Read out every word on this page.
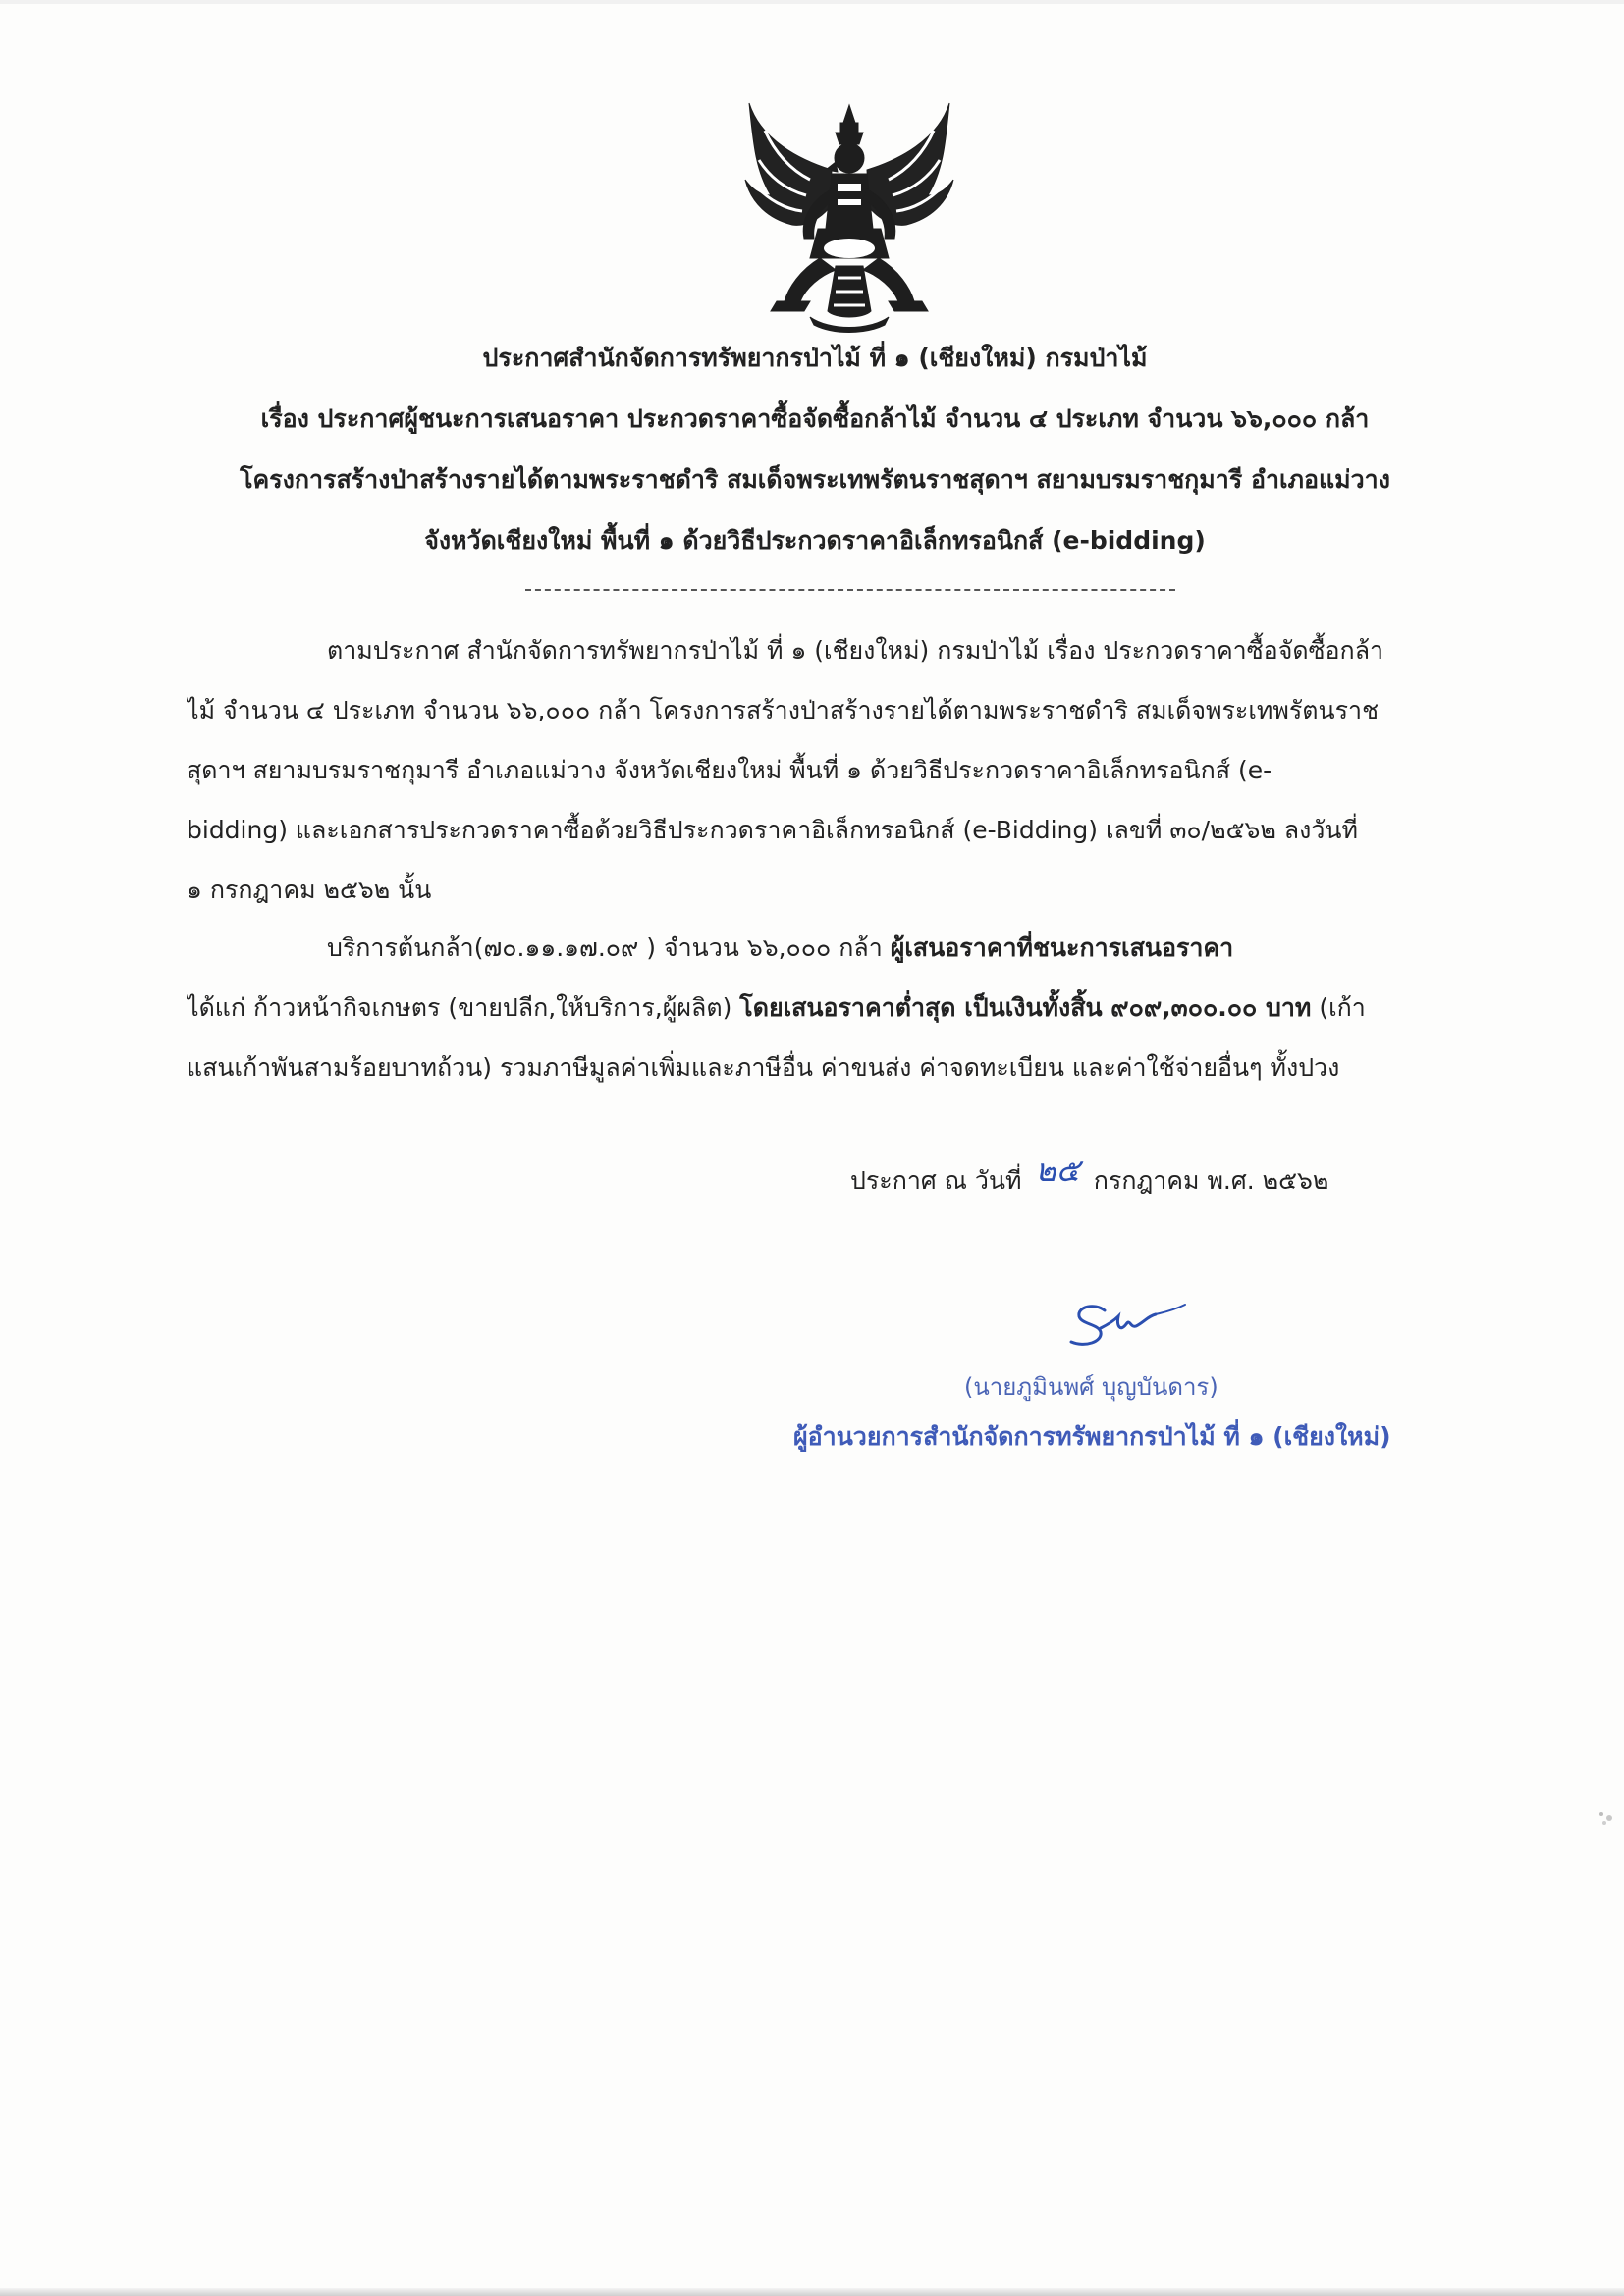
ประกาศสำนักจัดการทรัพยากรป่าไม้ ที่ ๑ (เชียงใหม่) กรมป่าไม้
เรื่อง ประกาศผู้ชนะการเสนอราคา ประกวดราคาซื้อจัดซื้อกล้าไม้ จำนวน ๔ ประเภท จำนวน ๖๖,๐๐๐ กล้า
โครงการสร้างป่าสร้างรายได้ตามพระราชดำริ สมเด็จพระเทพรัตนราชสุดาฯ สยามบรมราชกุมารี อำเภอแม่วาง
จังหวัดเชียงใหม่ พื้นที่ ๑ ด้วยวิธีประกวดราคาอิเล็กทรอนิกส์ (e-bidding)
ตามประกาศ สำนักจัดการทรัพยากรป่าไม้ ที่ ๑ (เชียงใหม่) กรมป่าไม้ เรื่อง ประกวดราคาซื้อจัดซื้อกล้า
ไม้ จำนวน ๔ ประเภท จำนวน ๖๖,๐๐๐ กล้า โครงการสร้างป่าสร้างรายได้ตามพระราชดำริ สมเด็จพระเทพรัตนราช
สุดาฯ สยามบรมราชกุมารี อำเภอแม่วาง จังหวัดเชียงใหม่ พื้นที่ ๑ ด้วยวิธีประกวดราคาอิเล็กทรอนิกส์ (e-
bidding) และเอกสารประกวดราคาซื้อด้วยวิธีประกวดราคาอิเล็กทรอนิกส์ (e-Bidding) เลขที่ ๓๐/๒๕๖๒ ลงวันที่
๑ กรกฎาคม ๒๕๖๒ นั้น
บริการต้นกล้า(๗๐.๑๑.๑๗.๐๙ ) จำนวน ๖๖,๐๐๐ กล้า ผู้เสนอราคาที่ชนะการเสนอราคา
ได้แก่ ก้าวหน้ากิจเกษตร (ขายปลีก,ให้บริการ,ผู้ผลิต) โดยเสนอราคาต่ำสุด เป็นเงินทั้งสิ้น ๙๐๙,๓๐๐.๐๐ บาท (เก้า
แสนเก้าพันสามร้อยบาทถ้วน) รวมภาษีมูลค่าเพิ่มและภาษีอื่น ค่าขนส่ง ค่าจดทะเบียน และค่าใช้จ่ายอื่นๆ ทั้งปวง
ประกาศ ณ วันที่ ๒๕ กรกฎาคม พ.ศ. ๒๕๖๒
(นายภูมินพศ์ บุญบันดาร)
ผู้อำนวยการสำนักจัดการทรัพยากรป่าไม้ ที่ ๑ (เชียงใหม่)
